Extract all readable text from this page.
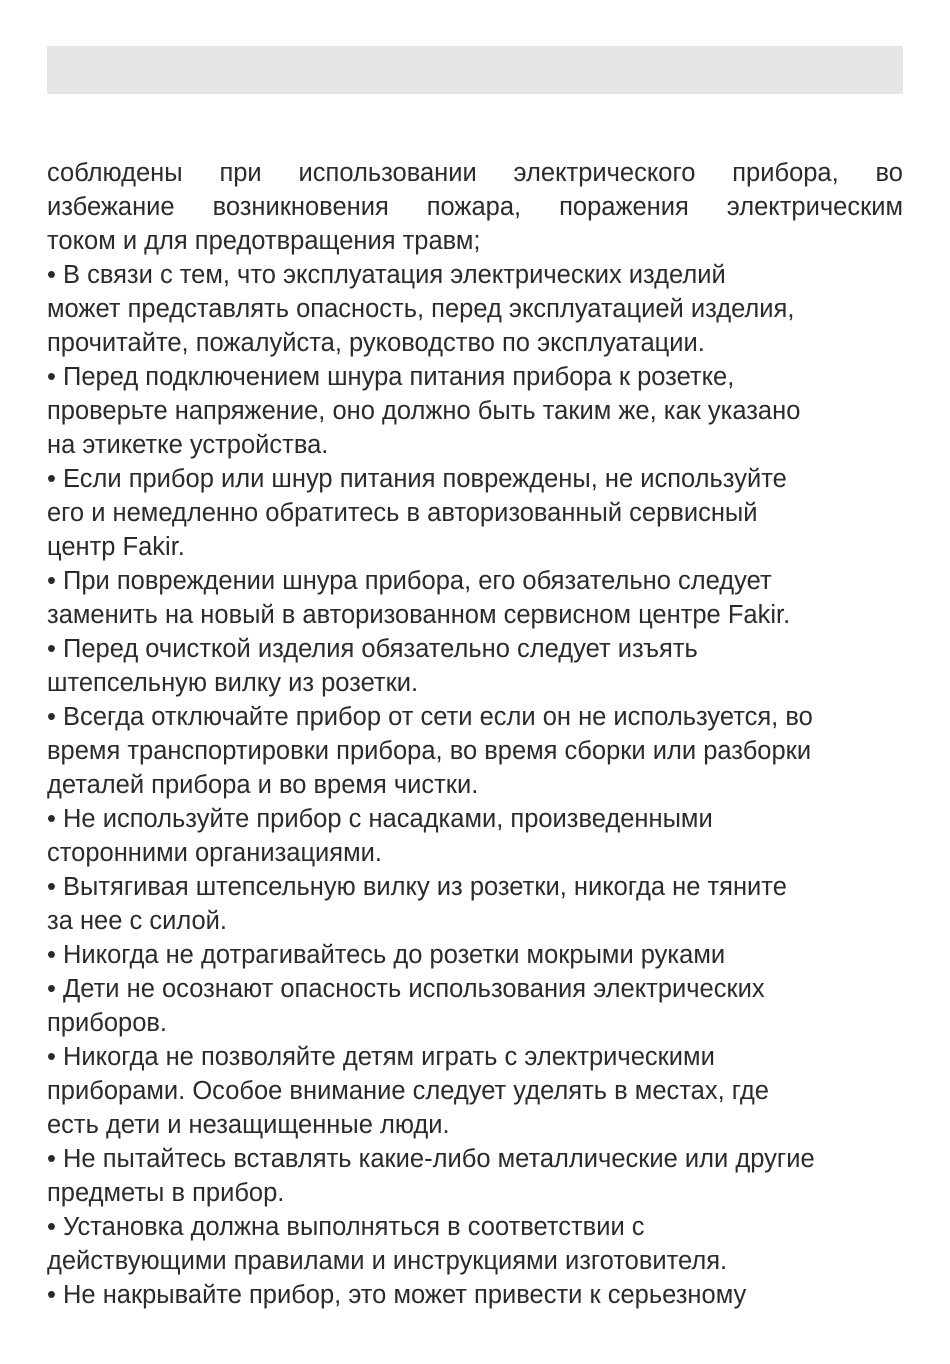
соблюдены при использовании электрического прибора, во
избежание возникновения пожара, поражения электрическим
током и для предотвращения травм;

• В связи с тем, что эксплуатация электрических изделий
может представлять опасность, перед эксплуатацией изделия,
прочитайте, пожалуйста, руководство по эксплуатации.
• Перед подключением шнура питания прибора к розетке,
проверьте напряжение, оно должно быть таким же, как указано
на этикетке устройства.
• Если прибор или шнур питания повреждены, не используйте
его и немедленно обратитесь в авторизованный сервисный
центр Fakir.
• При повреждении шнура прибора, его обязательно следует
заменить на новый в авторизованном сервисном центре Fakir.
• Перед очисткой изделия обязательно следует изъять
штепсельную вилку из розетки.
• Всегда отключайте прибор от сети если он не используется, во
время транспортировки прибора, во время сборки или разборки
деталей прибора и во время чистки.
• Не используйте прибор с насадками, произведенными
сторонними организациями.
• Вытягивая штепсельную вилку из розетки, никогда не тяните
за нее с силой.
• Никогда не дотрагивайтесь до розетки мокрыми руками
• Дети не осознают опасность использования электрических
приборов.
• Никогда не позволяйте детям играть с электрическими
приборами. Особое внимание следует уделять в местах, где
есть дети и незащищенные люди.
• Не пытайтесь вставлять какие-либо металлические или другие
предметы в прибор.
• Установка должна выполняться в соответствии с
действующими правилами и инструкциями изготовителя.
• Не накрывайте прибор, это может привести к серьезному
